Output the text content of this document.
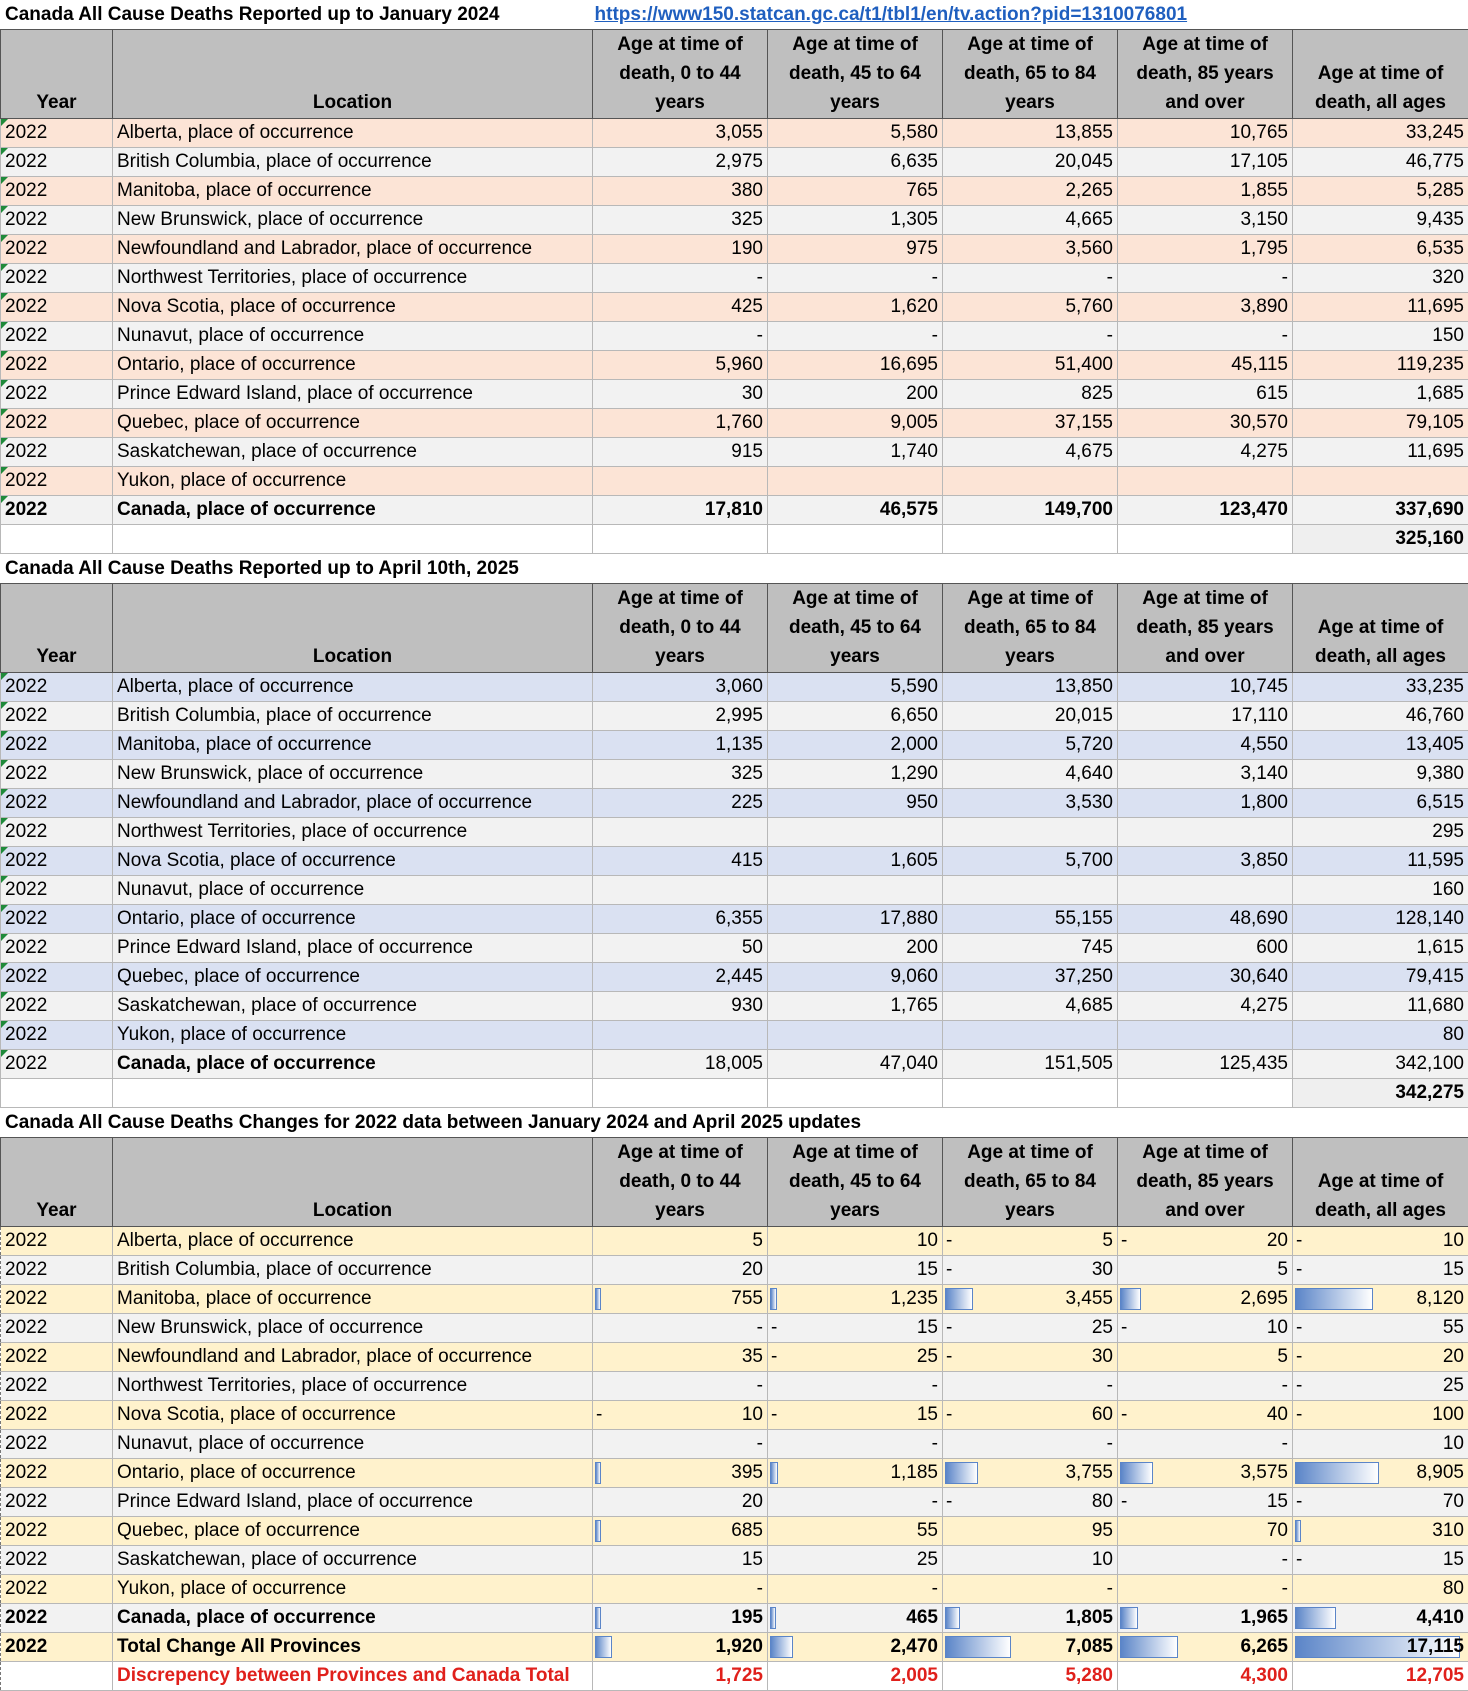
Canada All Cause Deaths Reported up to January 2024	https://www150.statcan.gc.ca/t1/tbl1/en/tv.action?pid=1310076801
Year	Location	Age at time of death, 0 to 44 years	Age at time of death, 45 to 64 years	Age at time of death, 65 to 84 years	Age at time of death, 85 years and over	Age at time of death, all ages
2022	Alberta, place of occurrence	3,055	5,580	13,855	10,765	33,245
2022	British Columbia, place of occurrence	2,975	6,635	20,045	17,105	46,775
2022	Manitoba, place of occurrence	380	765	2,265	1,855	5,285
2022	New Brunswick, place of occurrence	325	1,305	4,665	3,150	9,435
2022	Newfoundland and Labrador, place of occurrence	190	975	3,560	1,795	6,535
2022	Northwest Territories, place of occurrence	-	-	-	-	320
2022	Nova Scotia, place of occurrence	425	1,620	5,760	3,890	11,695
2022	Nunavut, place of occurrence	-	-	-	-	150
2022	Ontario, place of occurrence	5,960	16,695	51,400	45,115	119,235
2022	Prince Edward Island, place of occurrence	30	200	825	615	1,685
2022	Quebec, place of occurrence	1,760	9,005	37,155	30,570	79,105
2022	Saskatchewan, place of occurrence	915	1,740	4,675	4,275	11,695
2022	Yukon, place of occurrence					
2022	Canada, place of occurrence	17,810	46,575	149,700	123,470	337,690
						325,160
Canada All Cause Deaths Reported up to April 10th, 2025
Year	Location	Age at time of death, 0 to 44 years	Age at time of death, 45 to 64 years	Age at time of death, 65 to 84 years	Age at time of death, 85 years and over	Age at time of death, all ages
2022	Alberta, place of occurrence	3,060	5,590	13,850	10,745	33,235
2022	British Columbia, place of occurrence	2,995	6,650	20,015	17,110	46,760
2022	Manitoba, place of occurrence	1,135	2,000	5,720	4,550	13,405
2022	New Brunswick, place of occurrence	325	1,290	4,640	3,140	9,380
2022	Newfoundland and Labrador, place of occurrence	225	950	3,530	1,800	6,515
2022	Northwest Territories, place of occurrence					295
2022	Nova Scotia, place of occurrence	415	1,605	5,700	3,850	11,595
2022	Nunavut, place of occurrence					160
2022	Ontario, place of occurrence	6,355	17,880	55,155	48,690	128,140
2022	Prince Edward Island, place of occurrence	50	200	745	600	1,615
2022	Quebec, place of occurrence	2,445	9,060	37,250	30,640	79,415
2022	Saskatchewan, place of occurrence	930	1,765	4,685	4,275	11,680
2022	Yukon, place of occurrence					80
2022	Canada, place of occurrence	18,005	47,040	151,505	125,435	342,100
						342,275
Canada All Cause Deaths Changes for 2022 data between January 2024 and April 2025 updates
Year	Location	Age at time of death, 0 to 44 years	Age at time of death, 45 to 64 years	Age at time of death, 65 to 84 years	Age at time of death, 85 years and over	Age at time of death, all ages
2022	Alberta, place of occurrence	5	10	- 5	- 20	- 10
2022	British Columbia, place of occurrence	20	15	- 30	5	- 15
2022	Manitoba, place of occurrence	755	1,235	3,455	2,695	8,120
2022	New Brunswick, place of occurrence	-	- 15	- 25	- 10	- 55
2022	Newfoundland and Labrador, place of occurrence	35	- 25	- 30	5	- 20
2022	Northwest Territories, place of occurrence	-	-	-	-	- 25
2022	Nova Scotia, place of occurrence	- 10	- 15	- 60	- 40	- 100
2022	Nunavut, place of occurrence	-	-	-	-	10
2022	Ontario, place of occurrence	395	1,185	3,755	3,575	8,905
2022	Prince Edward Island, place of occurrence	20	-	- 80	- 15	- 70
2022	Quebec, place of occurrence	685	55	95	70	310
2022	Saskatchewan, place of occurrence	15	25	10	-	- 15
2022	Yukon, place of occurrence	-	-	-	-	80
2022	Canada, place of occurrence	195	465	1,805	1,965	4,410
2022	Total Change All Provinces	1,920	2,470	7,085	6,265	17,115
	Discrepency between Provinces and Canada Total	1,725	2,005	5,280	4,300	12,705
